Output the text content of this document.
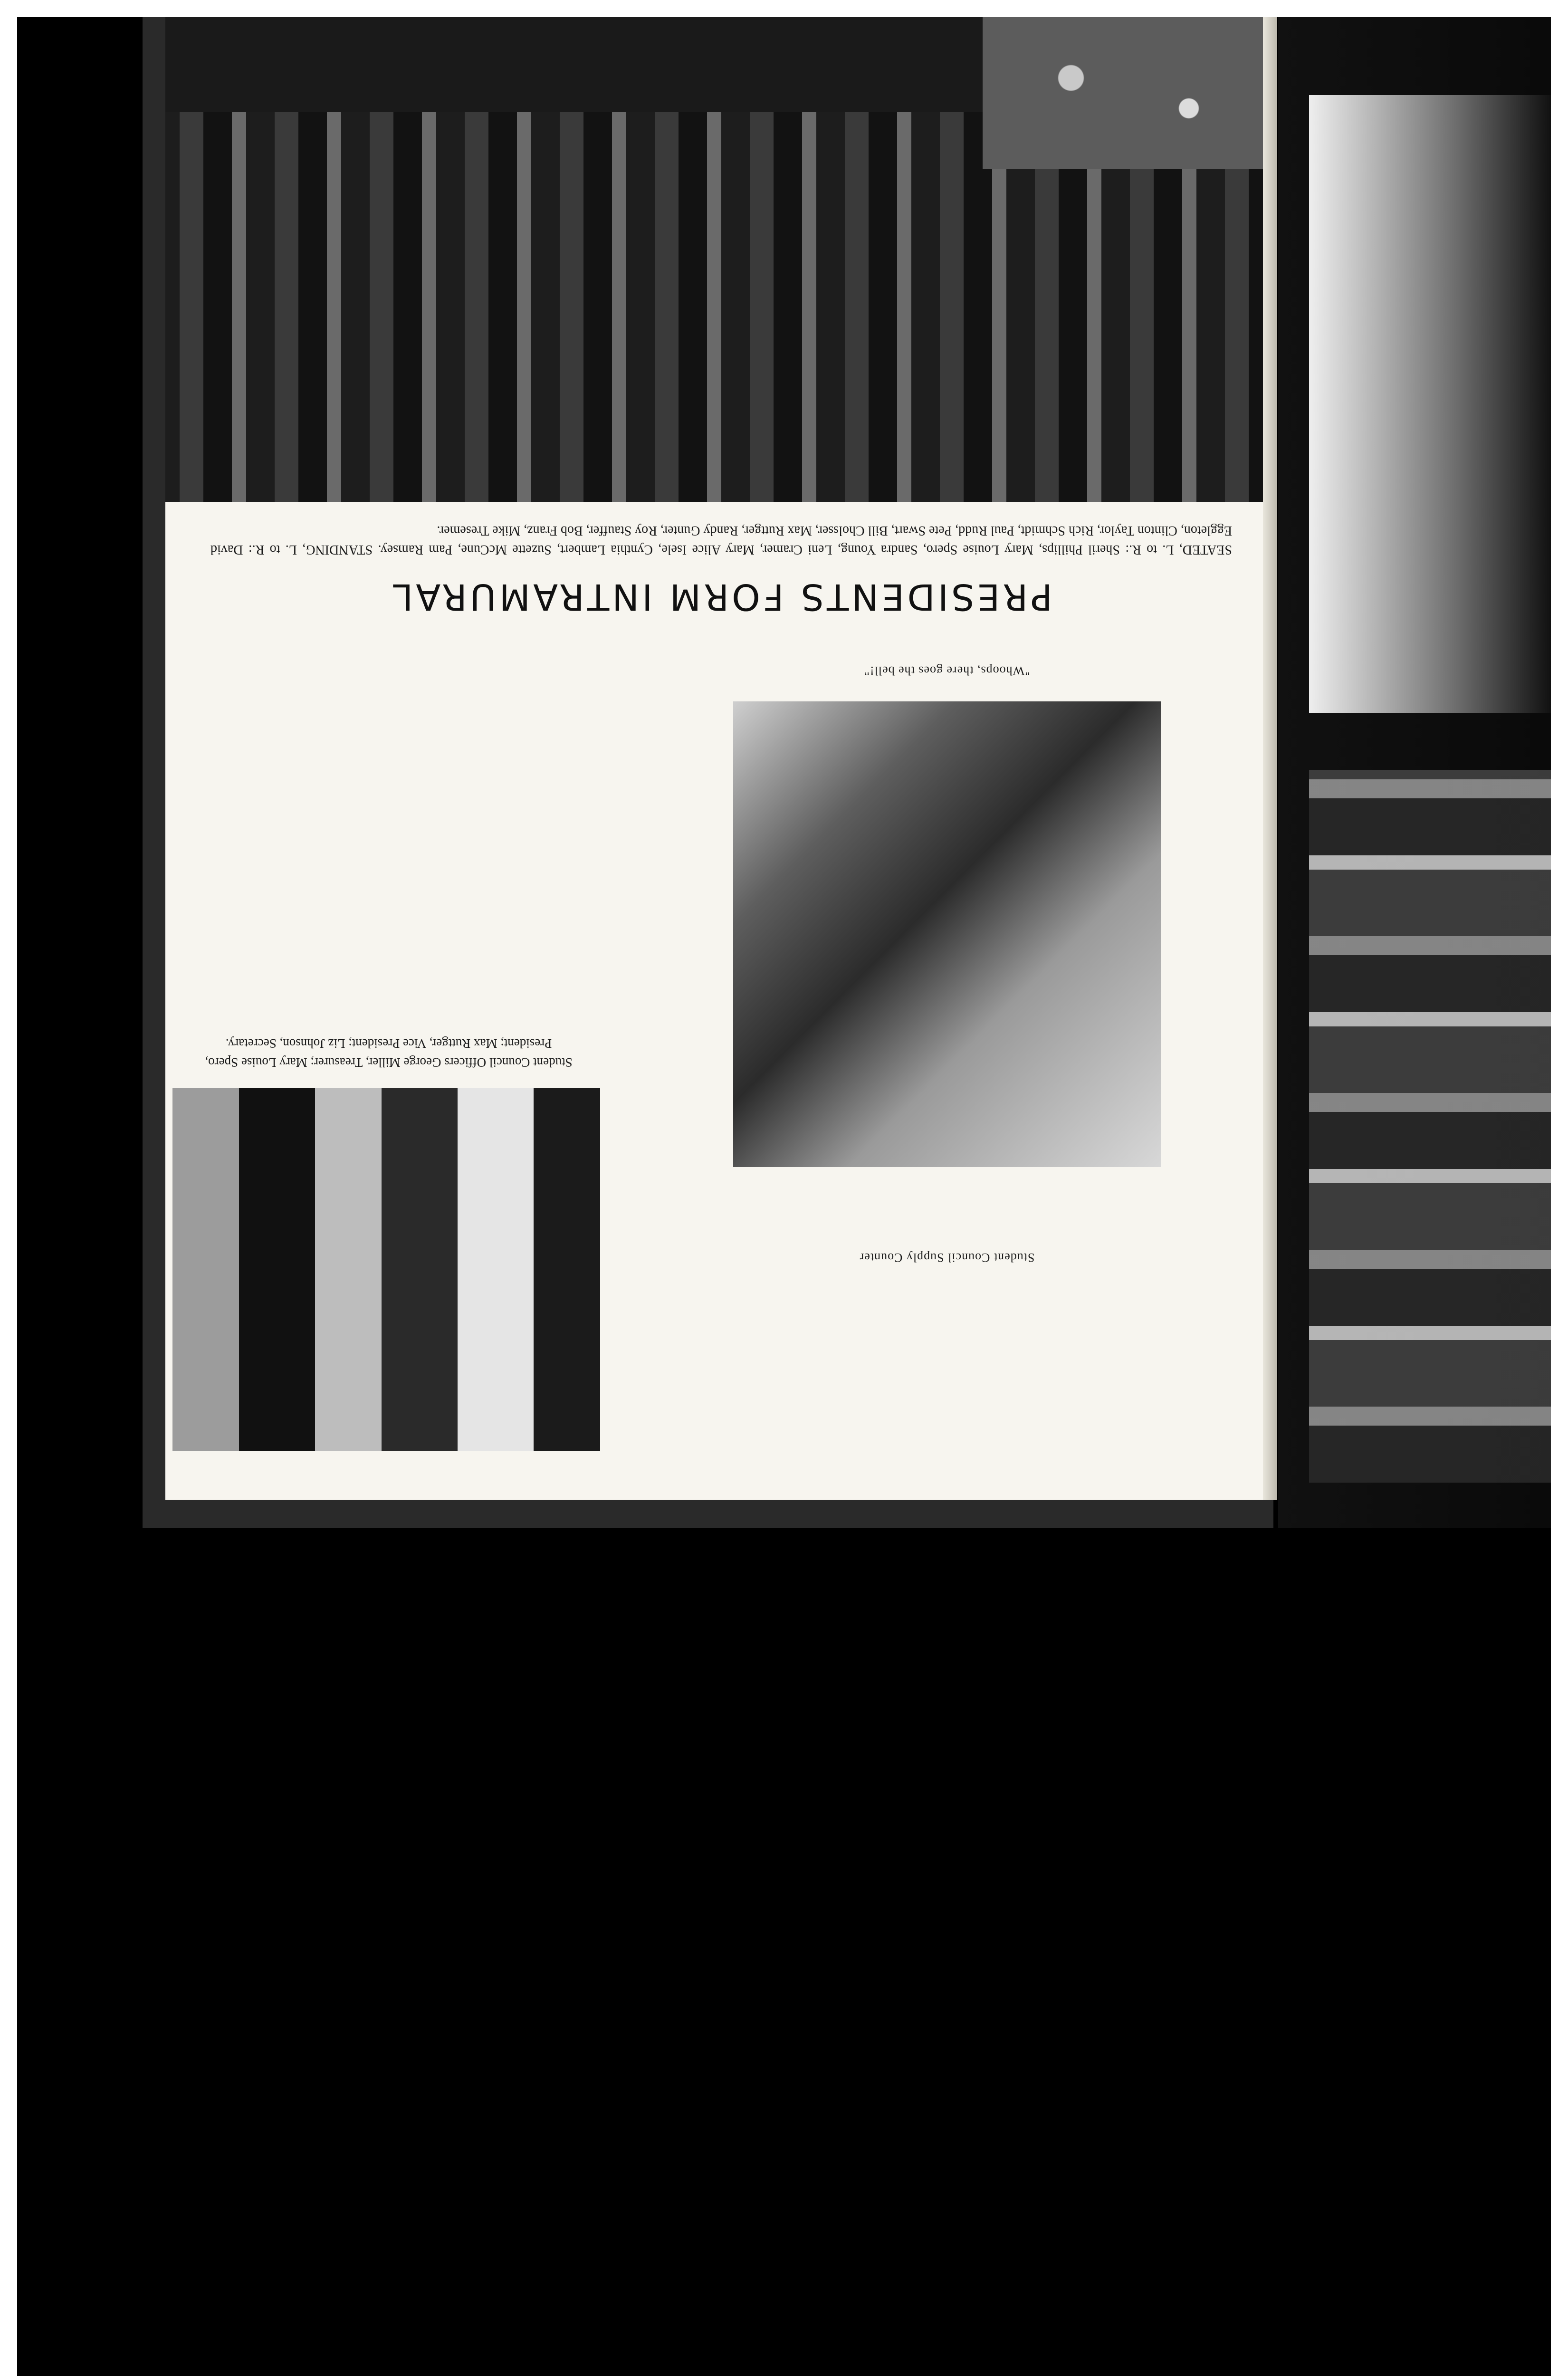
Student Council Officers George Miller, Treasurer; Mary Louise Spero, President; Max Ruttger, Vice President; Liz Johnson, Secretary.
Student Council Supply Counter
"Whoops, there goes the bell!"
PRESIDENTS FORM INTRAMURAL
SEATED, L. to R.: Sheril Phillips, Mary Louise Spero, Sandra Young, Leni Cramer, Mary Alice Isele, Cynthia Lambert, Suzette McCune, Pam Ramsey. STANDING, L. to R.: David Eggleton, Clinton Taylor, Rich Schmidt, Paul Rudd, Pete Swart, Bill Cholsser, Max Ruttger, Randy Gunter, Roy Stauffer, Bob Franz, Mike Tresemer.
